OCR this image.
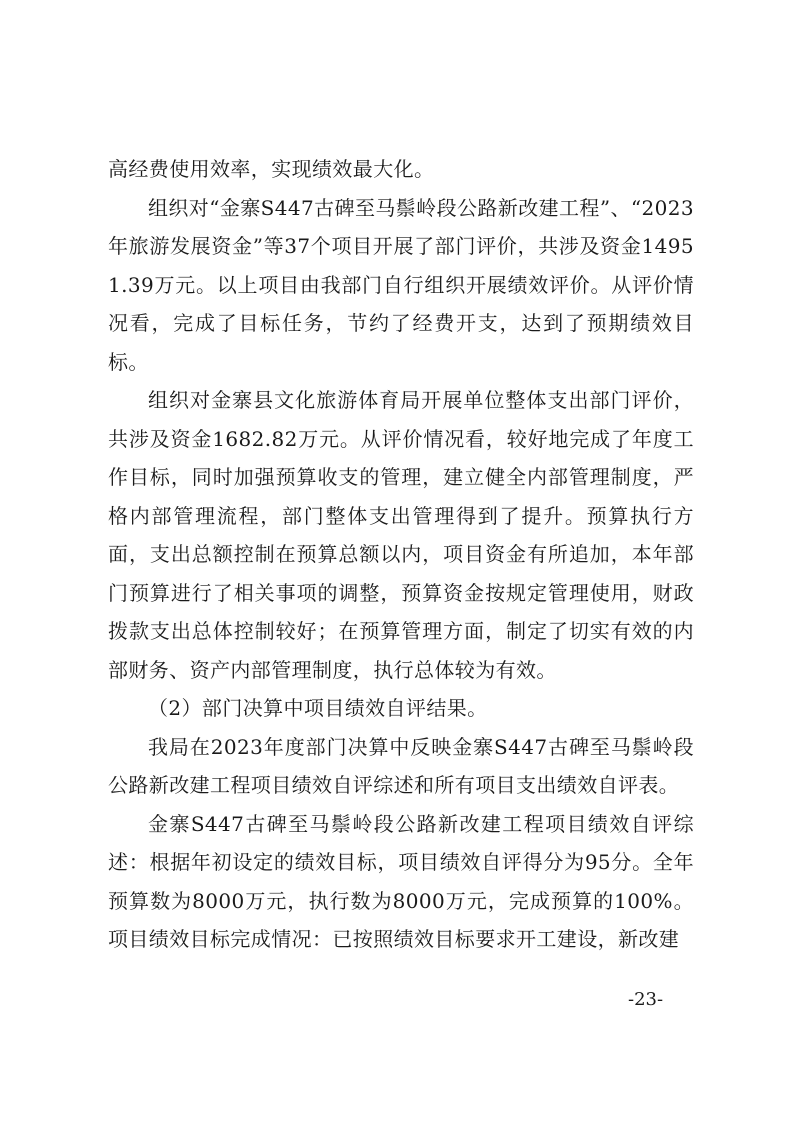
高经费使用效率，实现绩效最大化。

组织对“金寨S447古碑至马鬃岭段公路新改建工程”、“2023年旅游发展资金”等37个项目开展了部门评价，共涉及资金14951.39万元。以上项目由我部门自行组织开展绩效评价。从评价情况看，完成了目标任务，节约了经费开支，达到了预期绩效目标。

组织对金寨县文化旅游体育局开展单位整体支出部门评价，共涉及资金1682.82万元。从评价情况看，较好地完成了年度工作目标，同时加强预算收支的管理，建立健全内部管理制度，严格内部管理流程，部门整体支出管理得到了提升。预算执行方面，支出总额控制在预算总额以内，项目资金有所追加，本年部门预算进行了相关事项的调整，预算资金按规定管理使用，财政拨款支出总体控制较好；在预算管理方面，制定了切实有效的内部财务、资产内部管理制度，执行总体较为有效。

（2）部门决算中项目绩效自评结果。

我局在2023年度部门决算中反映金寨S447古碑至马鬃岭段公路新改建工程项目绩效自评综述和所有项目支出绩效自评表。

金寨S447古碑至马鬃岭段公路新改建工程项目绩效自评综述：根据年初设定的绩效目标，项目绩效自评得分为95分。全年预算数为8000万元，执行数为8000万元，完成预算的100%。项目绩效目标完成情况：已按照绩效目标要求开工建设，新改建

-23-
